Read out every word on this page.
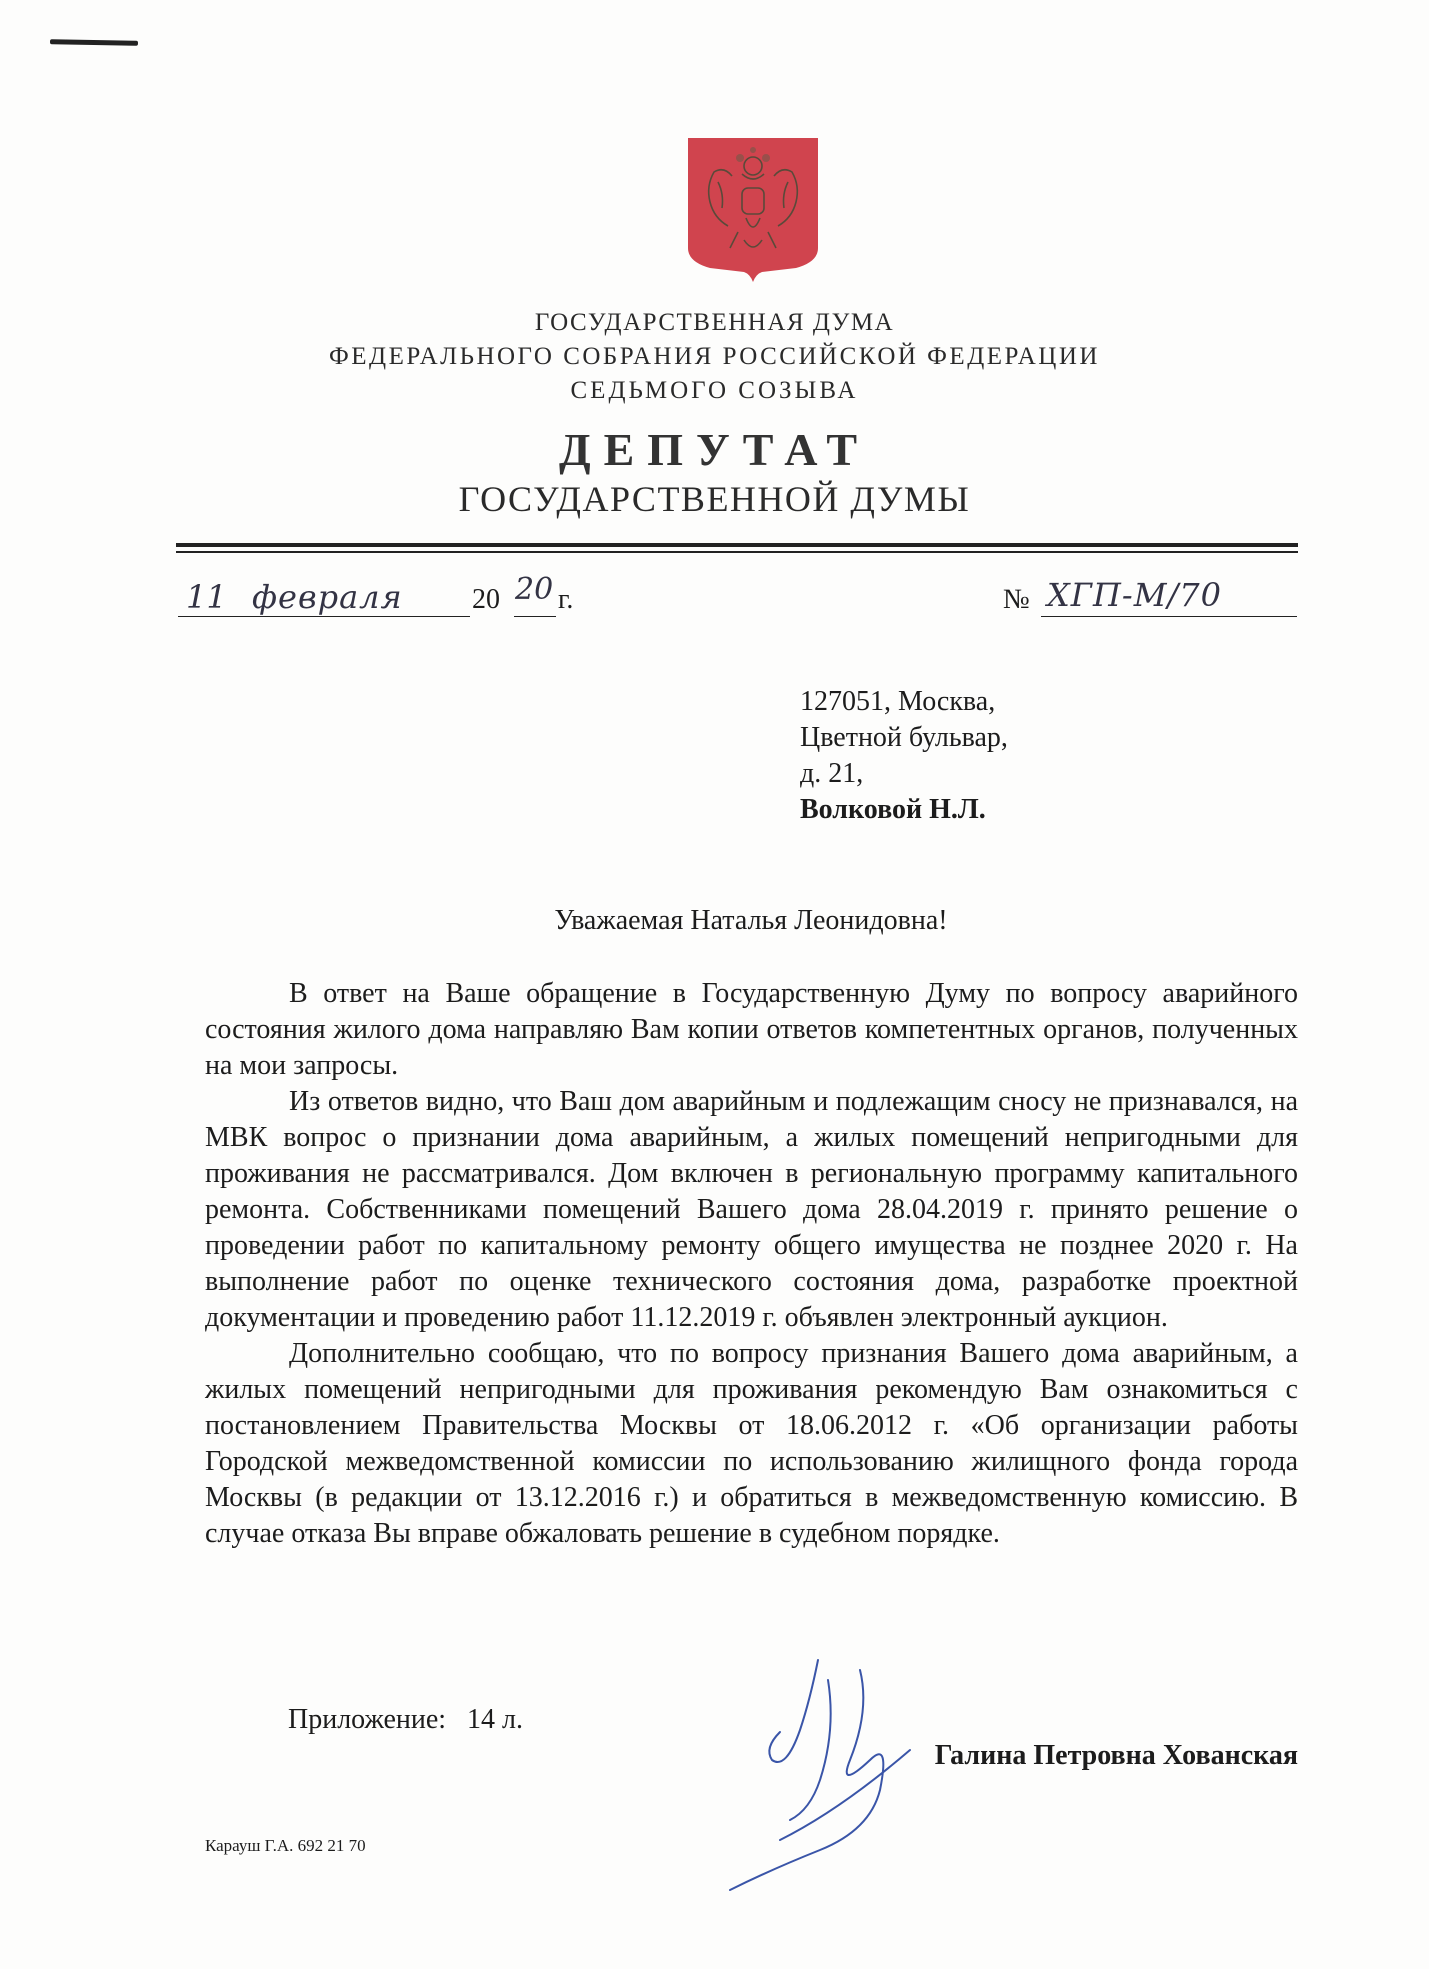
ГОСУДАРСТВЕННАЯ ДУМА
ФЕДЕРАЛЬНОГО СОБРАНИЯ РОССИЙСКОЙ ФЕДЕРАЦИИ
СЕДЬМОГО СОЗЫВА
ДЕПУТАТ
ГОСУДАРСТВЕННОЙ ДУМЫ
11 февраля 20 20 г.	№ ХГП-М/70
127051, Москва,
Цветной бульвар,
д. 21,
Волковой Н.Л.
Уважаемая Наталья Леонидовна!

В ответ на Ваше обращение в Государственную Думу по вопросу аварийного состояния жилого дома направляю Вам копии ответов компетентных органов, полученных на мои запросы.

Из ответов видно, что Ваш дом аварийным и подлежащим сносу не признавался, на МВК вопрос о признании дома аварийным, а жилых помещений непригодными для проживания не рассматривался. Дом включен в региональную программу капитального ремонта. Собственниками помещений Вашего дома 28.04.2019 г. принято решение о проведении работ по капитальному ремонту общего имущества не позднее 2020 г. На выполнение работ по оценке технического состояния дома, разработке проектной документации и проведению работ 11.12.2019 г. объявлен электронный аукцион.

Дополнительно сообщаю, что по вопросу признания Вашего дома аварийным, а жилых помещений непригодными для проживания рекомендую Вам ознакомиться с постановлением Правительства Москвы от 18.06.2012 г. «Об организации работы Городской межведомственной комиссии по использованию жилищного фонда города Москвы (в редакции от 13.12.2016 г.) и обратиться в межведомственную комиссию. В случае отказа Вы вправе обжаловать решение в судебном порядке.

Приложение:   14 л.
Галина Петровна Хованская
Карауш Г.А. 692 21 70
